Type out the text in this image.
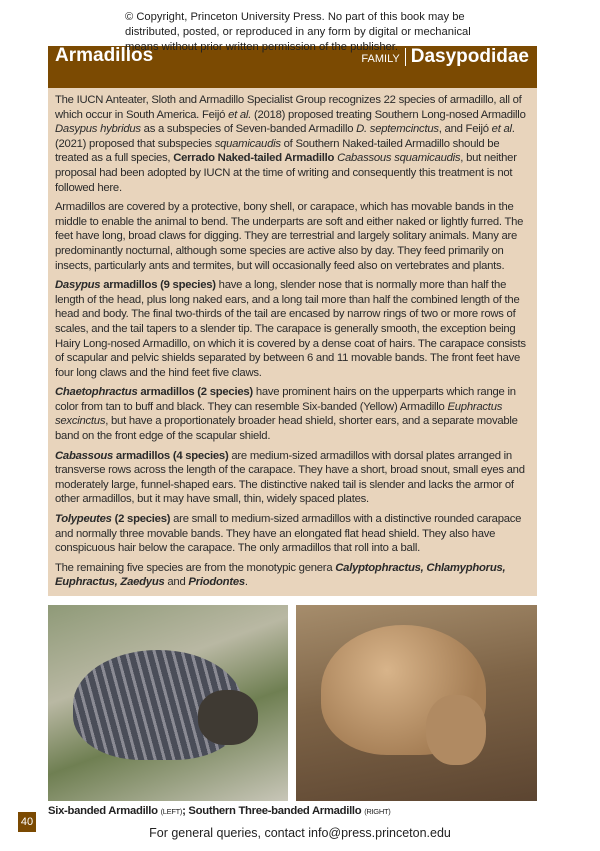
© Copyright, Princeton University Press. No part of this book may be distributed, posted, or reproduced in any form by digital or mechanical means without prior written permission of the publisher.
Armadillos	FAMILY Dasypodidae

The IUCN Anteater, Sloth and Armadillo Specialist Group recognizes 22 species of armadillo, all of which occur in South America. Feijó et al. (2018) proposed treating Southern Long-nosed Armadillo Dasypus hybridus as a subspecies of Seven-banded Armadillo D. septemcinctus, and Feijó et al. (2021) proposed that subspecies squamicaudis of Southern Naked-tailed Armadillo should be treated as a full species, Cerrado Naked-tailed Armadillo Cabassous squamicaudis, but neither proposal had been adopted by IUCN at the time of writing and consequently this treatment is not followed here.

Armadillos are covered by a protective, bony shell, or carapace, which has movable bands in the middle to enable the animal to bend. The underparts are soft and either naked or lightly furred. The feet have long, broad claws for digging. They are terrestrial and largely solitary animals. Many are predominantly nocturnal, although some species are active also by day. They feed primarily on insects, particularly ants and termites, but will occasionally feed also on vertebrates and plants.

Dasypus armadillos (9 species) have a long, slender nose that is normally more than half the length of the head, plus long naked ears, and a long tail more than half the combined length of the head and body. The final two-thirds of the tail are encased by narrow rings of two or more rows of scales, and the tail tapers to a slender tip. The carapace is generally smooth, the exception being Hairy Long-nosed Armadillo, on which it is covered by a dense coat of hairs. The carapace consists of scapular and pelvic shields separated by between 6 and 11 movable bands. The front feet have four long claws and the hind feet five claws.

Chaetophractus armadillos (2 species) have prominent hairs on the upperparts which range in color from tan to buff and black. They can resemble Six-banded (Yellow) Armadillo Euphractus sexcinctus, but have a proportionately broader head shield, shorter ears, and a separate movable band on the front edge of the scapular shield.

Cabassous armadillos (4 species) are medium-sized armadillos with dorsal plates arranged in transverse rows across the length of the carapace. They have a short, broad snout, small eyes and moderately large, funnel-shaped ears. The distinctive naked tail is slender and lacks the armor of other armadillos, but it may have small, thin, widely spaced plates.

Tolypeutes (2 species) are small to medium-sized armadillos with a distinctive rounded carapace and normally three movable bands. They have an elongated flat head shield. They also have conspicuous hair below the carapace. The only armadillos that roll into a ball.

The remaining five species are from the monotypic genera Calyptophractus, Chlamyphorus, Euphractus, Zaedyus and Priodontes.

Six-banded Armadillo (LEFT); Southern Three-banded Armadillo (RIGHT)
40
For general queries, contact info@press.princeton.edu
